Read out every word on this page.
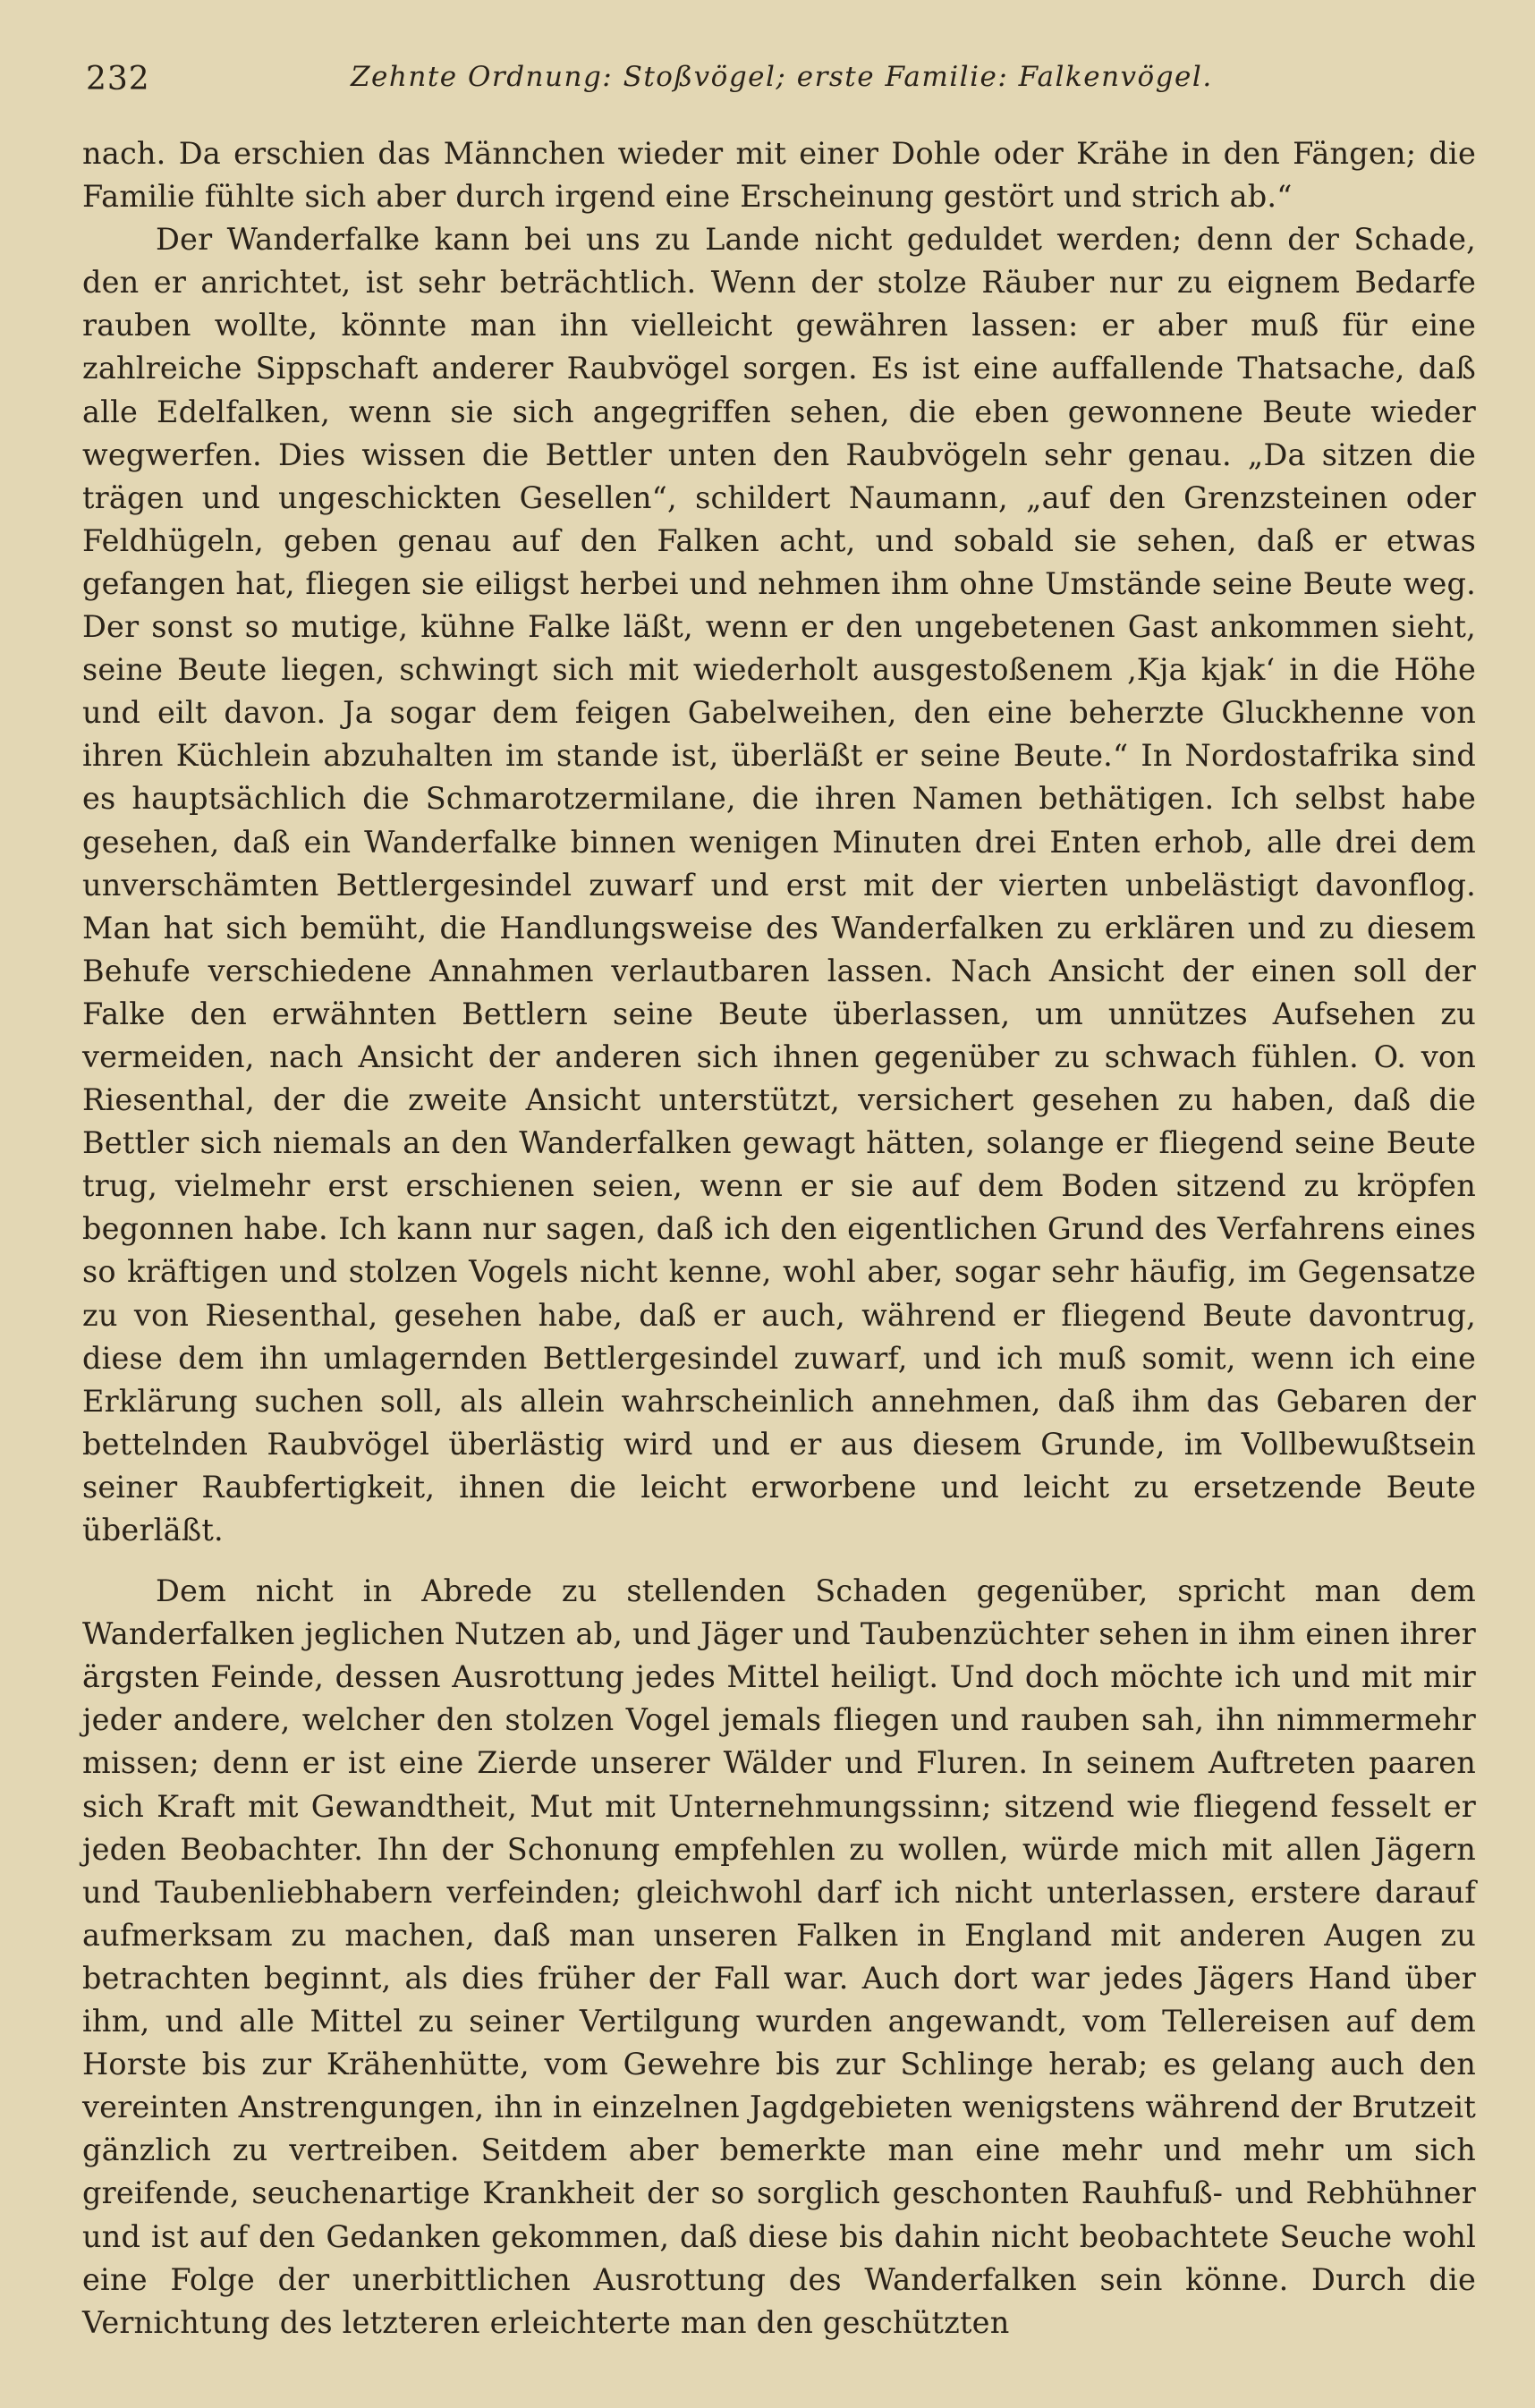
232	Zehnte Ordnung: Stoßvögel; erste Familie: Falkenvögel.

nach. Da erschien das Männchen wieder mit einer Dohle oder Krähe in den Fängen; die Familie fühlte sich aber durch irgend eine Erscheinung gestört und strich ab.“

Der Wanderfalke kann bei uns zu Lande nicht geduldet werden; denn der Schade, den er anrichtet, ist sehr beträchtlich. Wenn der stolze Räuber nur zu eignem Bedarfe rauben wollte, könnte man ihn vielleicht gewähren lassen: er aber muß für eine zahlreiche Sippschaft anderer Raubvögel sorgen. Es ist eine auffallende Thatsache, daß alle Edelfalken, wenn sie sich angegriffen sehen, die eben gewonnene Beute wieder wegwerfen. Dies wissen die Bettler unten den Raubvögeln sehr genau. „Da sitzen die trägen und ungeschickten Gesellen“, schildert Naumann, „auf den Grenzsteinen oder Feldhügeln, geben genau auf den Falken acht, und sobald sie sehen, daß er etwas gefangen hat, fliegen sie eiligst herbei und nehmen ihm ohne Umstände seine Beute weg. Der sonst so mutige, kühne Falke läßt, wenn er den ungebetenen Gast ankommen sieht, seine Beute liegen, schwingt sich mit wiederholt ausgestoßenem ‚Kja kjak‘ in die Höhe und eilt davon. Ja sogar dem feigen Gabelweihen, den eine beherzte Gluckhenne von ihren Küchlein abzuhalten im stande ist, überläßt er seine Beute.“ In Nordostafrika sind es hauptsächlich die Schmarotzermilane, die ihren Namen bethätigen. Ich selbst habe gesehen, daß ein Wanderfalke binnen wenigen Minuten drei Enten erhob, alle drei dem unverschämten Bettlergesindel zuwarf und erst mit der vierten unbelästigt davonflog. Man hat sich bemüht, die Handlungsweise des Wanderfalken zu erklären und zu diesem Behufe verschiedene Annahmen verlautbaren lassen. Nach Ansicht der einen soll der Falke den erwähnten Bettlern seine Beute überlassen, um unnützes Aufsehen zu vermeiden, nach Ansicht der anderen sich ihnen gegenüber zu schwach fühlen. O. von Riesenthal, der die zweite Ansicht unterstützt, versichert gesehen zu haben, daß die Bettler sich niemals an den Wanderfalken gewagt hätten, solange er fliegend seine Beute trug, vielmehr erst erschienen seien, wenn er sie auf dem Boden sitzend zu kröpfen begonnen habe. Ich kann nur sagen, daß ich den eigentlichen Grund des Verfahrens eines so kräftigen und stolzen Vogels nicht kenne, wohl aber, sogar sehr häufig, im Gegensatze zu von Riesenthal, gesehen habe, daß er auch, während er fliegend Beute davontrug, diese dem ihn umlagernden Bettlergesindel zuwarf, und ich muß somit, wenn ich eine Erklärung suchen soll, als allein wahrscheinlich annehmen, daß ihm das Gebaren der bettelnden Raubvögel überlästig wird und er aus diesem Grunde, im Vollbewußtsein seiner Raubfertigkeit, ihnen die leicht erworbene und leicht zu ersetzende Beute überläßt.

Dem nicht in Abrede zu stellenden Schaden gegenüber, spricht man dem Wanderfalken jeglichen Nutzen ab, und Jäger und Taubenzüchter sehen in ihm einen ihrer ärgsten Feinde, dessen Ausrottung jedes Mittel heiligt. Und doch möchte ich und mit mir jeder andere, welcher den stolzen Vogel jemals fliegen und rauben sah, ihn nimmermehr missen; denn er ist eine Zierde unserer Wälder und Fluren. In seinem Auftreten paaren sich Kraft mit Gewandtheit, Mut mit Unternehmungssinn; sitzend wie fliegend fesselt er jeden Beobachter. Ihn der Schonung empfehlen zu wollen, würde mich mit allen Jägern und Taubenliebhabern verfeinden; gleichwohl darf ich nicht unterlassen, erstere darauf aufmerksam zu machen, daß man unseren Falken in England mit anderen Augen zu betrachten beginnt, als dies früher der Fall war. Auch dort war jedes Jägers Hand über ihm, und alle Mittel zu seiner Vertilgung wurden angewandt, vom Tellereisen auf dem Horste bis zur Krähenhütte, vom Gewehre bis zur Schlinge herab; es gelang auch den vereinten Anstrengungen, ihn in einzelnen Jagdgebieten wenigstens während der Brutzeit gänzlich zu vertreiben. Seitdem aber bemerkte man eine mehr und mehr um sich greifende, seuchenartige Krankheit der so sorglich geschonten Rauhfuß- und Rebhühner und ist auf den Gedanken gekommen, daß diese bis dahin nicht beobachtete Seuche wohl eine Folge der unerbittlichen Ausrottung des Wanderfalken sein könne. Durch die Vernichtung des letzteren erleichterte man den geschützten
